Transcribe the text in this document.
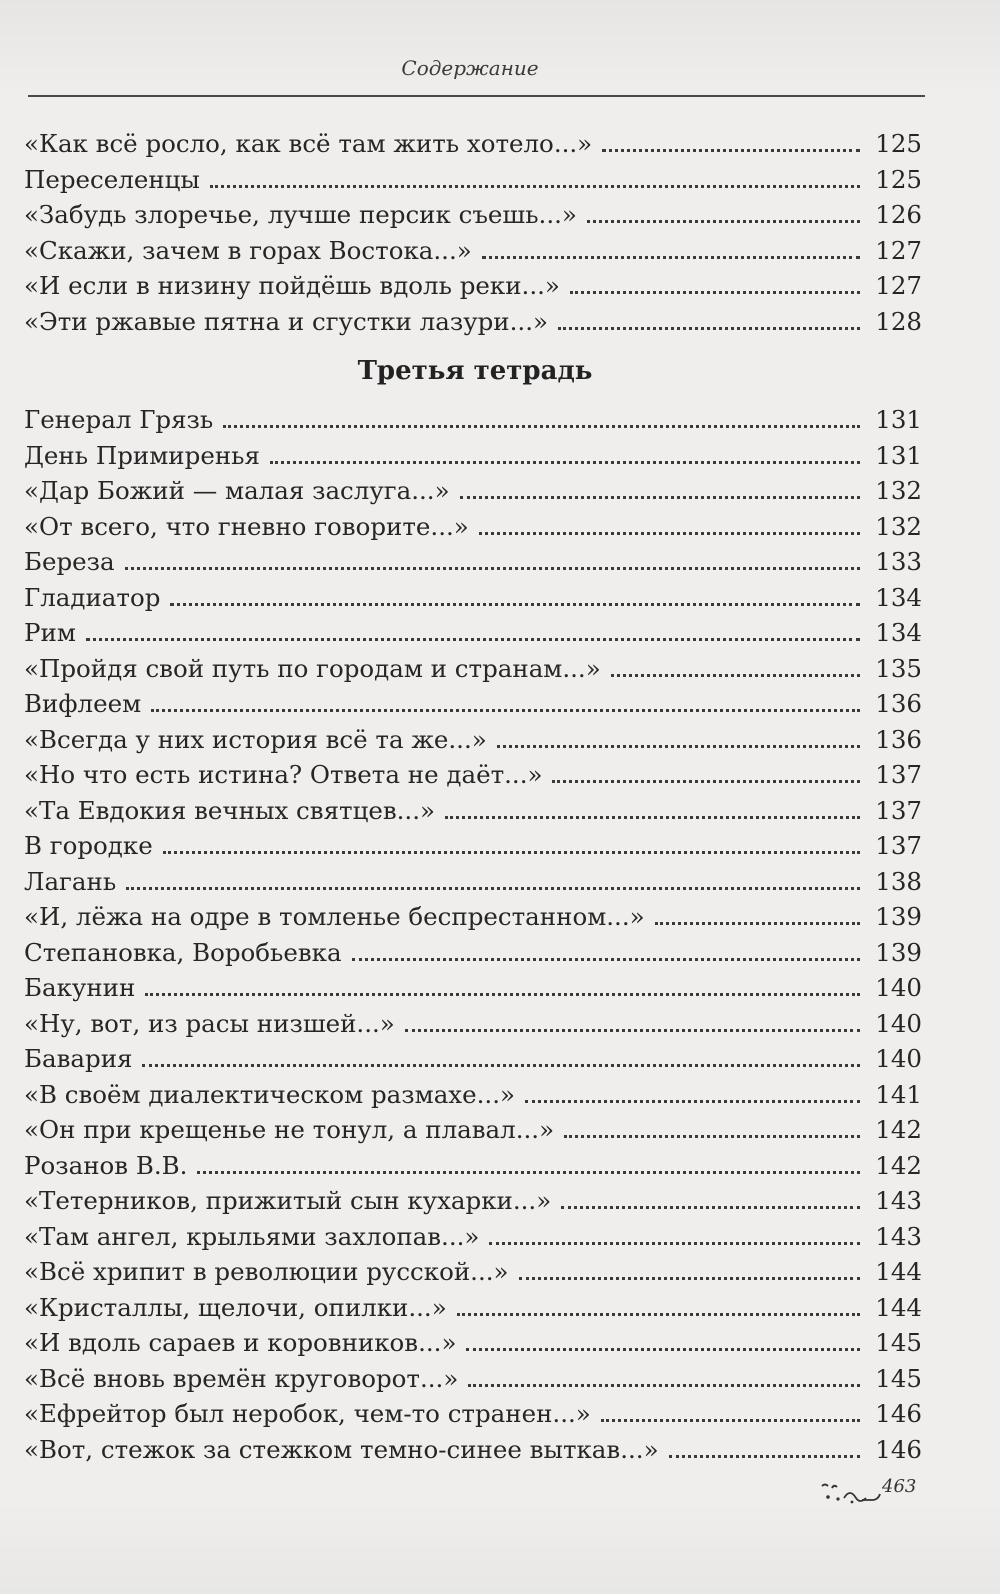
Содержание
«Как всё росло, как всё там жить хотело...»	125
Переселенцы	125
«Забудь злоречье, лучше персик съешь...»	126
«Скажи, зачем в горах Востока...»	127
«И если в низину пойдёшь вдоль реки...»	127
«Эти ржавые пятна и сгустки лазури...»	128
Третья тетрадь
Генерал Грязь	131
День Примиренья	131
«Дар Божий — малая заслуга...»	132
«От всего, что гневно говорите...»	132
Береза	133
Гладиатор	134
Рим	134
«Пройдя свой путь по городам и странам...»	135
Вифлеем	136
«Всегда у них история всё та же...»	136
«Но что есть истина? Ответа не даёт...»	137
«Та Евдокия вечных святцев...»	137
В городке	137
Лагань	138
«И, лёжа на одре в томленье беспрестанном...»	139
Степановка, Воробьевка	139
Бакунин	140
«Ну, вот, из расы низшей...»	140
Бавария	140
«В своём диалектическом размахе...»	141
«Он при крещенье не тонул, а плавал...»	142
Розанов В.В.	142
«Тетерников, прижитый сын кухарки...»	143
«Там ангел, крыльями захлопав...»	143
«Всё хрипит в революции русской...»	144
«Кристаллы, щелочи, опилки...»	144
«И вдоль сараев и коровников...»	145
«Всё вновь времён круговорот...»	145
«Ефрейтор был неробок, чем-то странен...»	146
«Вот, стежок за стежком темно-синее выткав...»	146
463
